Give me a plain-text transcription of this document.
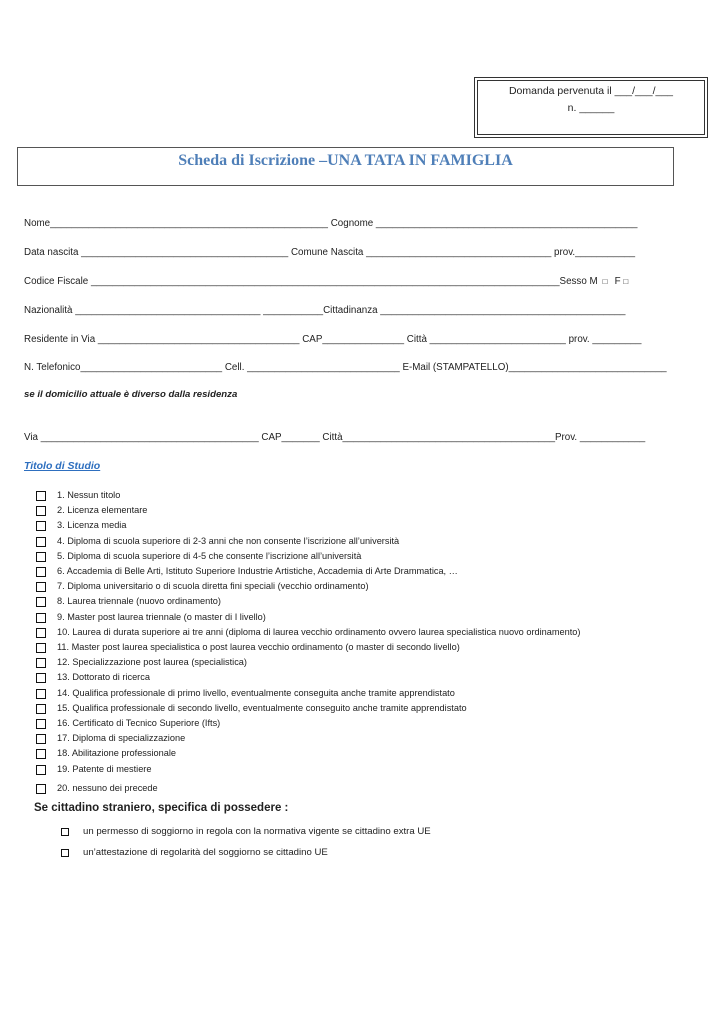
Domanda pervenuta il ___/___/___
n. ______
Scheda di Iscrizione –UNA TATA IN FAMIGLIA
Nome___________________________________________________ Cognome ________________________________________________
Data nascita ______________________________________ Comune Nascita __________________________________ prov.___________
Codice Fiscale ______________________________________________________________________________________Sesso M  □   F □
Nazionalità __________________________________ ___________Cittadinanza _____________________________________________
Residente in Via _____________________________________ CAP_______________ Città _________________________ prov. _________
N. Telefonico__________________________ Cell. ____________________________ E-Mail (STAMPATELLO)_____________________________
se il domicilio attuale è diverso dalla residenza
Via ________________________________________ CAP_______ Città_______________________________________Prov. ____________
Titolo di Studio
1. Nessun titolo
2. Licenza elementare
3. Licenza media
4. Diploma di scuola superiore di 2-3 anni che non consente l’iscrizione all’università
5. Diploma di scuola superiore di 4-5 che consente l’iscrizione all’università
6. Accademia di Belle Arti, Istituto Superiore Industrie Artistiche, Accademia di Arte Drammatica, …
7. Diploma universitario o di scuola diretta fini speciali (vecchio ordinamento)
8. Laurea triennale (nuovo ordinamento)
9. Master post laurea triennale (o master di I livello)
10. Laurea di durata superiore ai tre anni (diploma di laurea vecchio ordinamento ovvero laurea specialistica nuovo ordinamento)
11. Master post laurea specialistica o post laurea vecchio ordinamento (o master di secondo livello)
12. Specializzazione post laurea (specialistica)
13. Dottorato di ricerca
14. Qualifica professionale di primo livello, eventualmente conseguita anche tramite apprendistato
15. Qualifica professionale di secondo livello, eventualmente conseguito anche tramite apprendistato
16. Certificato di Tecnico Superiore (Ifts)
17. Diploma di specializzazione
18. Abilitazione professionale
19. Patente di mestiere
20. nessuno dei precede
Se cittadino straniero, specifica di possedere :
un permesso di soggiorno in regola con la normativa vigente se cittadino extra UE
un’attestazione di regolarità del soggiorno se cittadino UE
